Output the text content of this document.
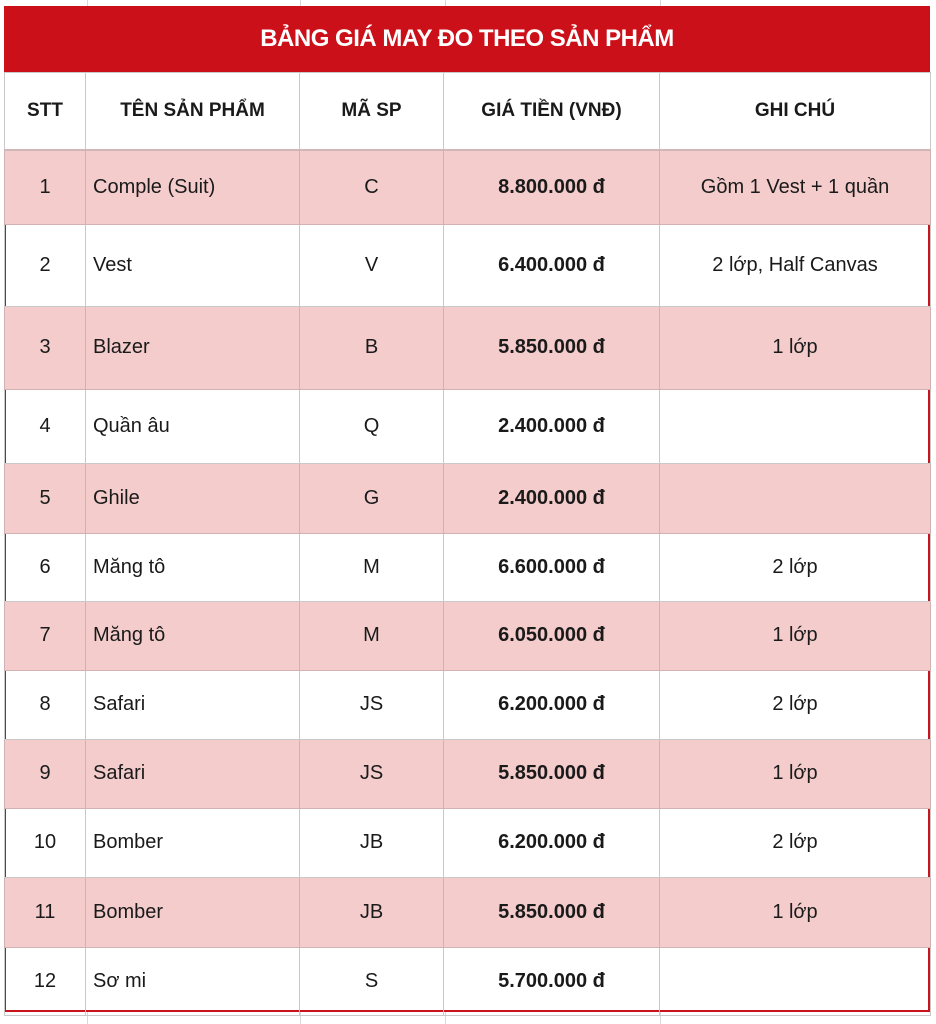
BẢNG GIÁ MAY ĐO THEO SẢN PHẨM
STT	TÊN SẢN PHẨM	MÃ SP	GIÁ TIỀN (VNĐ)	GHI CHÚ
1	Comple (Suit)	C	8.800.000 đ	Gồm 1 Vest + 1 quần
2	Vest	V	6.400.000 đ	2 lớp, Half Canvas
3	Blazer	B	5.850.000 đ	1 lớp
4	Quần âu	Q	2.400.000 đ	
5	Ghile	G	2.400.000 đ	
6	Măng tô	M	6.600.000 đ	2 lớp
7	Măng tô	M	6.050.000 đ	1 lớp
8	Safari	JS	6.200.000 đ	2 lớp
9	Safari	JS	5.850.000 đ	1 lớp
10	Bomber	JB	6.200.000 đ	2 lớp
11	Bomber	JB	5.850.000 đ	1 lớp
12	Sơ mi	S	5.700.000 đ	
